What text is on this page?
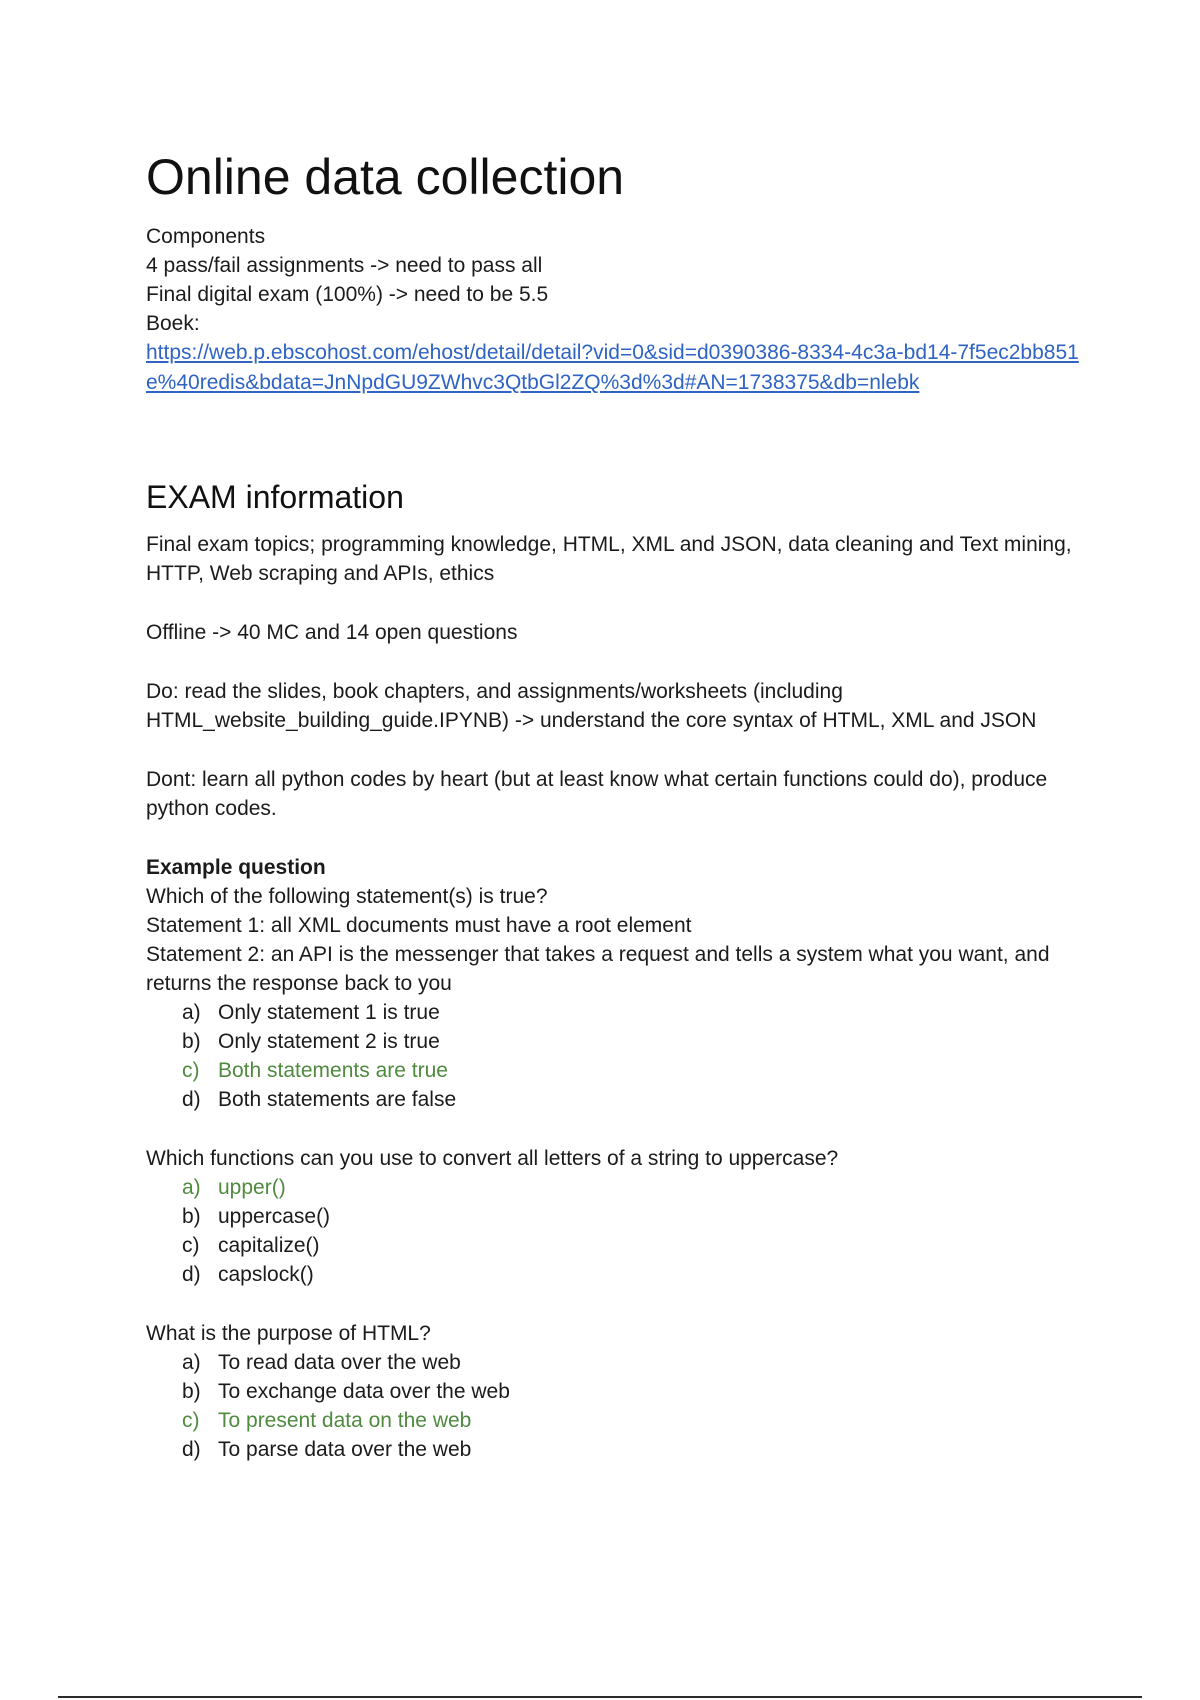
Online data collection

Components

4 pass/fail assignments -> need to pass all

Final digital exam (100%) -> need to be 5.5

Boek:

https://web.p.ebscohost.com/ehost/detail/detail?vid=0&sid=d0390386-8334-4c3a-bd14-7f5ec2bb851e%40redis&bdata=JnNpdGU9ZWhvc3QtbGl2ZQ%3d%3d#AN=1738375&db=nlebk
EXAM information

Final exam topics; programming knowledge, HTML, XML and JSON, data cleaning and Text mining, HTTP, Web scraping and APIs, ethics

Offline -> 40 MC and 14 open questions

Do: read the slides, book chapters, and assignments/worksheets (including HTML_website_building_guide.IPYNB) -> understand the core syntax of HTML, XML and JSON

Dont: learn all python codes by heart (but at least know what certain functions could do), produce python codes.

Example question

Which of the following statement(s) is true?

Statement 1: all XML documents must have a root element

Statement 2: an API is the messenger that takes a request and tells a system what you want, and returns the response back to you

a) Only statement 1 is true
b) Only statement 2 is true
c) Both statements are true
d) Both statements are false

Which functions can you use to convert all letters of a string to uppercase?

a) upper()
b) uppercase()
c) capitalize()
d) capslock()

What is the purpose of HTML?

a) To read data over the web
b) To exchange data over the web
c) To present data on the web
d) To parse data over the web
